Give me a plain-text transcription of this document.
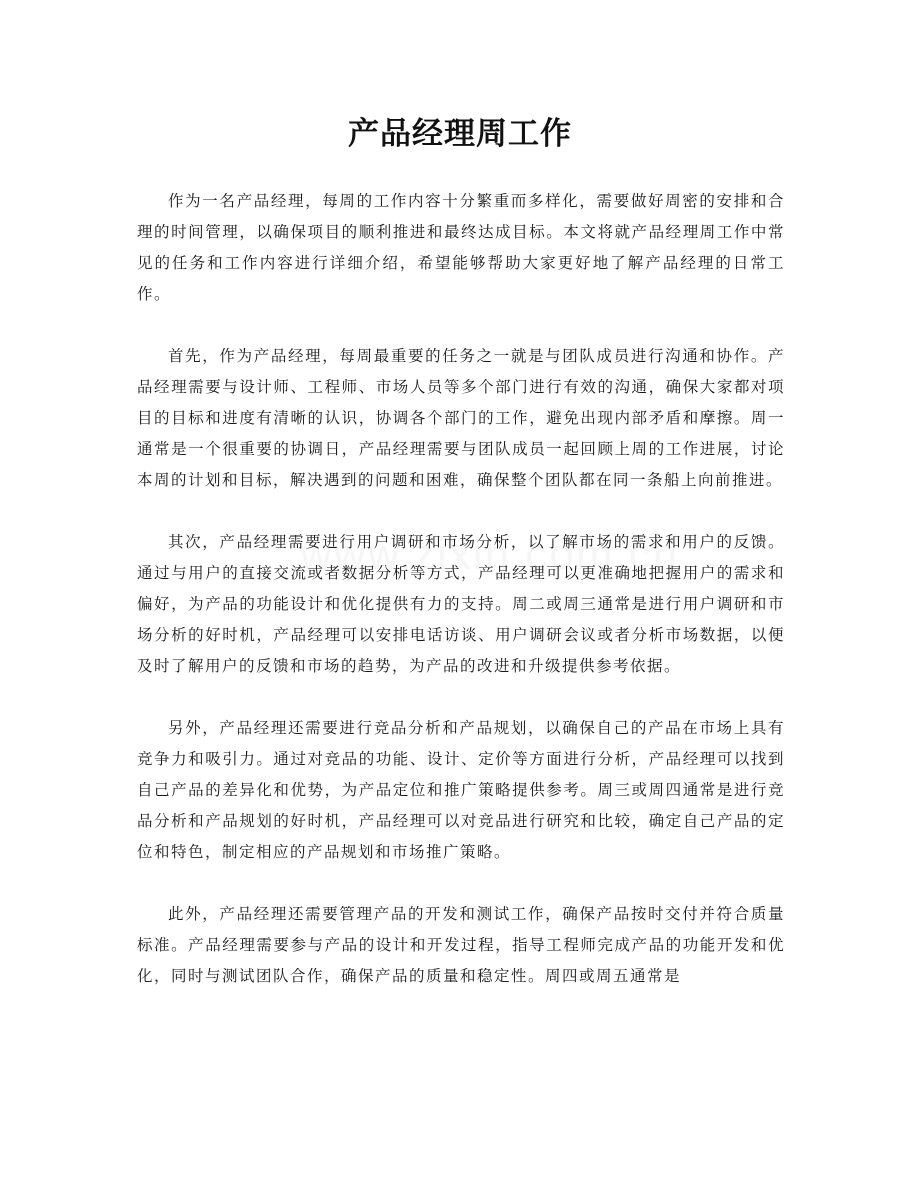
产品经理周工作

作为一名产品经理，每周的工作内容十分繁重而多样化，需要做好周密的安排和合理的时间管理，以确保项目的顺利推进和最终达成目标。本文将就产品经理周工作中常见的任务和工作内容进行详细介绍，希望能够帮助大家更好地了解产品经理的日常工作。

首先，作为产品经理，每周最重要的任务之一就是与团队成员进行沟通和协作。产品经理需要与设计师、工程师、市场人员等多个部门进行有效的沟通，确保大家都对项目的目标和进度有清晰的认识，协调各个部门的工作，避免出现内部矛盾和摩擦。周一通常是一个很重要的协调日，产品经理需要与团队成员一起回顾上周的工作进展，讨论本周的计划和目标，解决遇到的问题和困难，确保整个团队都在同一条船上向前推进。

其次，产品经理需要进行用户调研和市场分析，以了解市场的需求和用户的反馈。通过与用户的直接交流或者数据分析等方式，产品经理可以更准确地把握用户的需求和偏好，为产品的功能设计和优化提供有力的支持。周二或周三通常是进行用户调研和市场分析的好时机，产品经理可以安排电话访谈、用户调研会议或者分析市场数据，以便及时了解用户的反馈和市场的趋势，为产品的改进和升级提供参考依据。

另外，产品经理还需要进行竞品分析和产品规划，以确保自己的产品在市场上具有竞争力和吸引力。通过对竞品的功能、设计、定价等方面进行分析，产品经理可以找到自己产品的差异化和优势，为产品定位和推广策略提供参考。周三或周四通常是进行竞品分析和产品规划的好时机，产品经理可以对竞品进行研究和比较，确定自己产品的定位和特色，制定相应的产品规划和市场推广策略。

此外，产品经理还需要管理产品的开发和测试工作，确保产品按时交付并符合质量标准。产品经理需要参与产品的设计和开发过程，指导工程师完成产品的功能开发和优化，同时与测试团队合作，确保产品的质量和稳定性。周四或周五通常是
